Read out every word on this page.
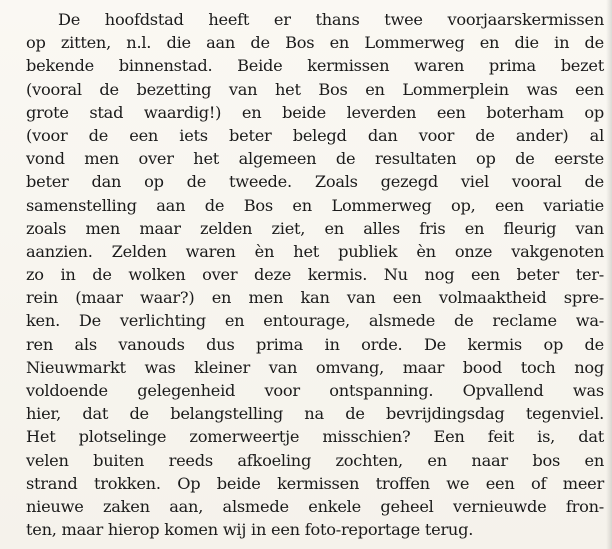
De hoofdstad heeft er thans twee voorjaarskermissen
op zitten, n.l. die aan de Bos en Lommerweg en die in de
bekende binnenstad. Beide kermissen waren prima bezet
(vooral de bezetting van het Bos en Lommerplein was een
grote stad waardig!) en beide leverden een boterham op
(voor de een iets beter belegd dan voor de ander) al
vond men over het algemeen de resultaten op de eerste
beter dan op de tweede. Zoals gezegd viel vooral de
samenstelling aan de Bos en Lommerweg op, een variatie
zoals men maar zelden ziet, en alles fris en fleurig van
aanzien. Zelden waren èn het publiek èn onze vakgenoten
zo in de wolken over deze kermis. Nu nog een beter ter-
rein (maar waar?) en men kan van een volmaaktheid spre-
ken. De verlichting en entourage, alsmede de reclame wa-
ren als vanouds dus prima in orde. De kermis op de
Nieuwmarkt was kleiner van omvang, maar bood toch nog
voldoende gelegenheid voor ontspanning. Opvallend was
hier, dat de belangstelling na de bevrijdingsdag tegenviel.
Het plotselinge zomerweertje misschien? Een feit is, dat
velen buiten reeds afkoeling zochten, en naar bos en
strand trokken. Op beide kermissen troffen we een of meer
nieuwe zaken aan, alsmede enkele geheel vernieuwde fron-
ten, maar hierop komen wij in een foto-reportage terug.
